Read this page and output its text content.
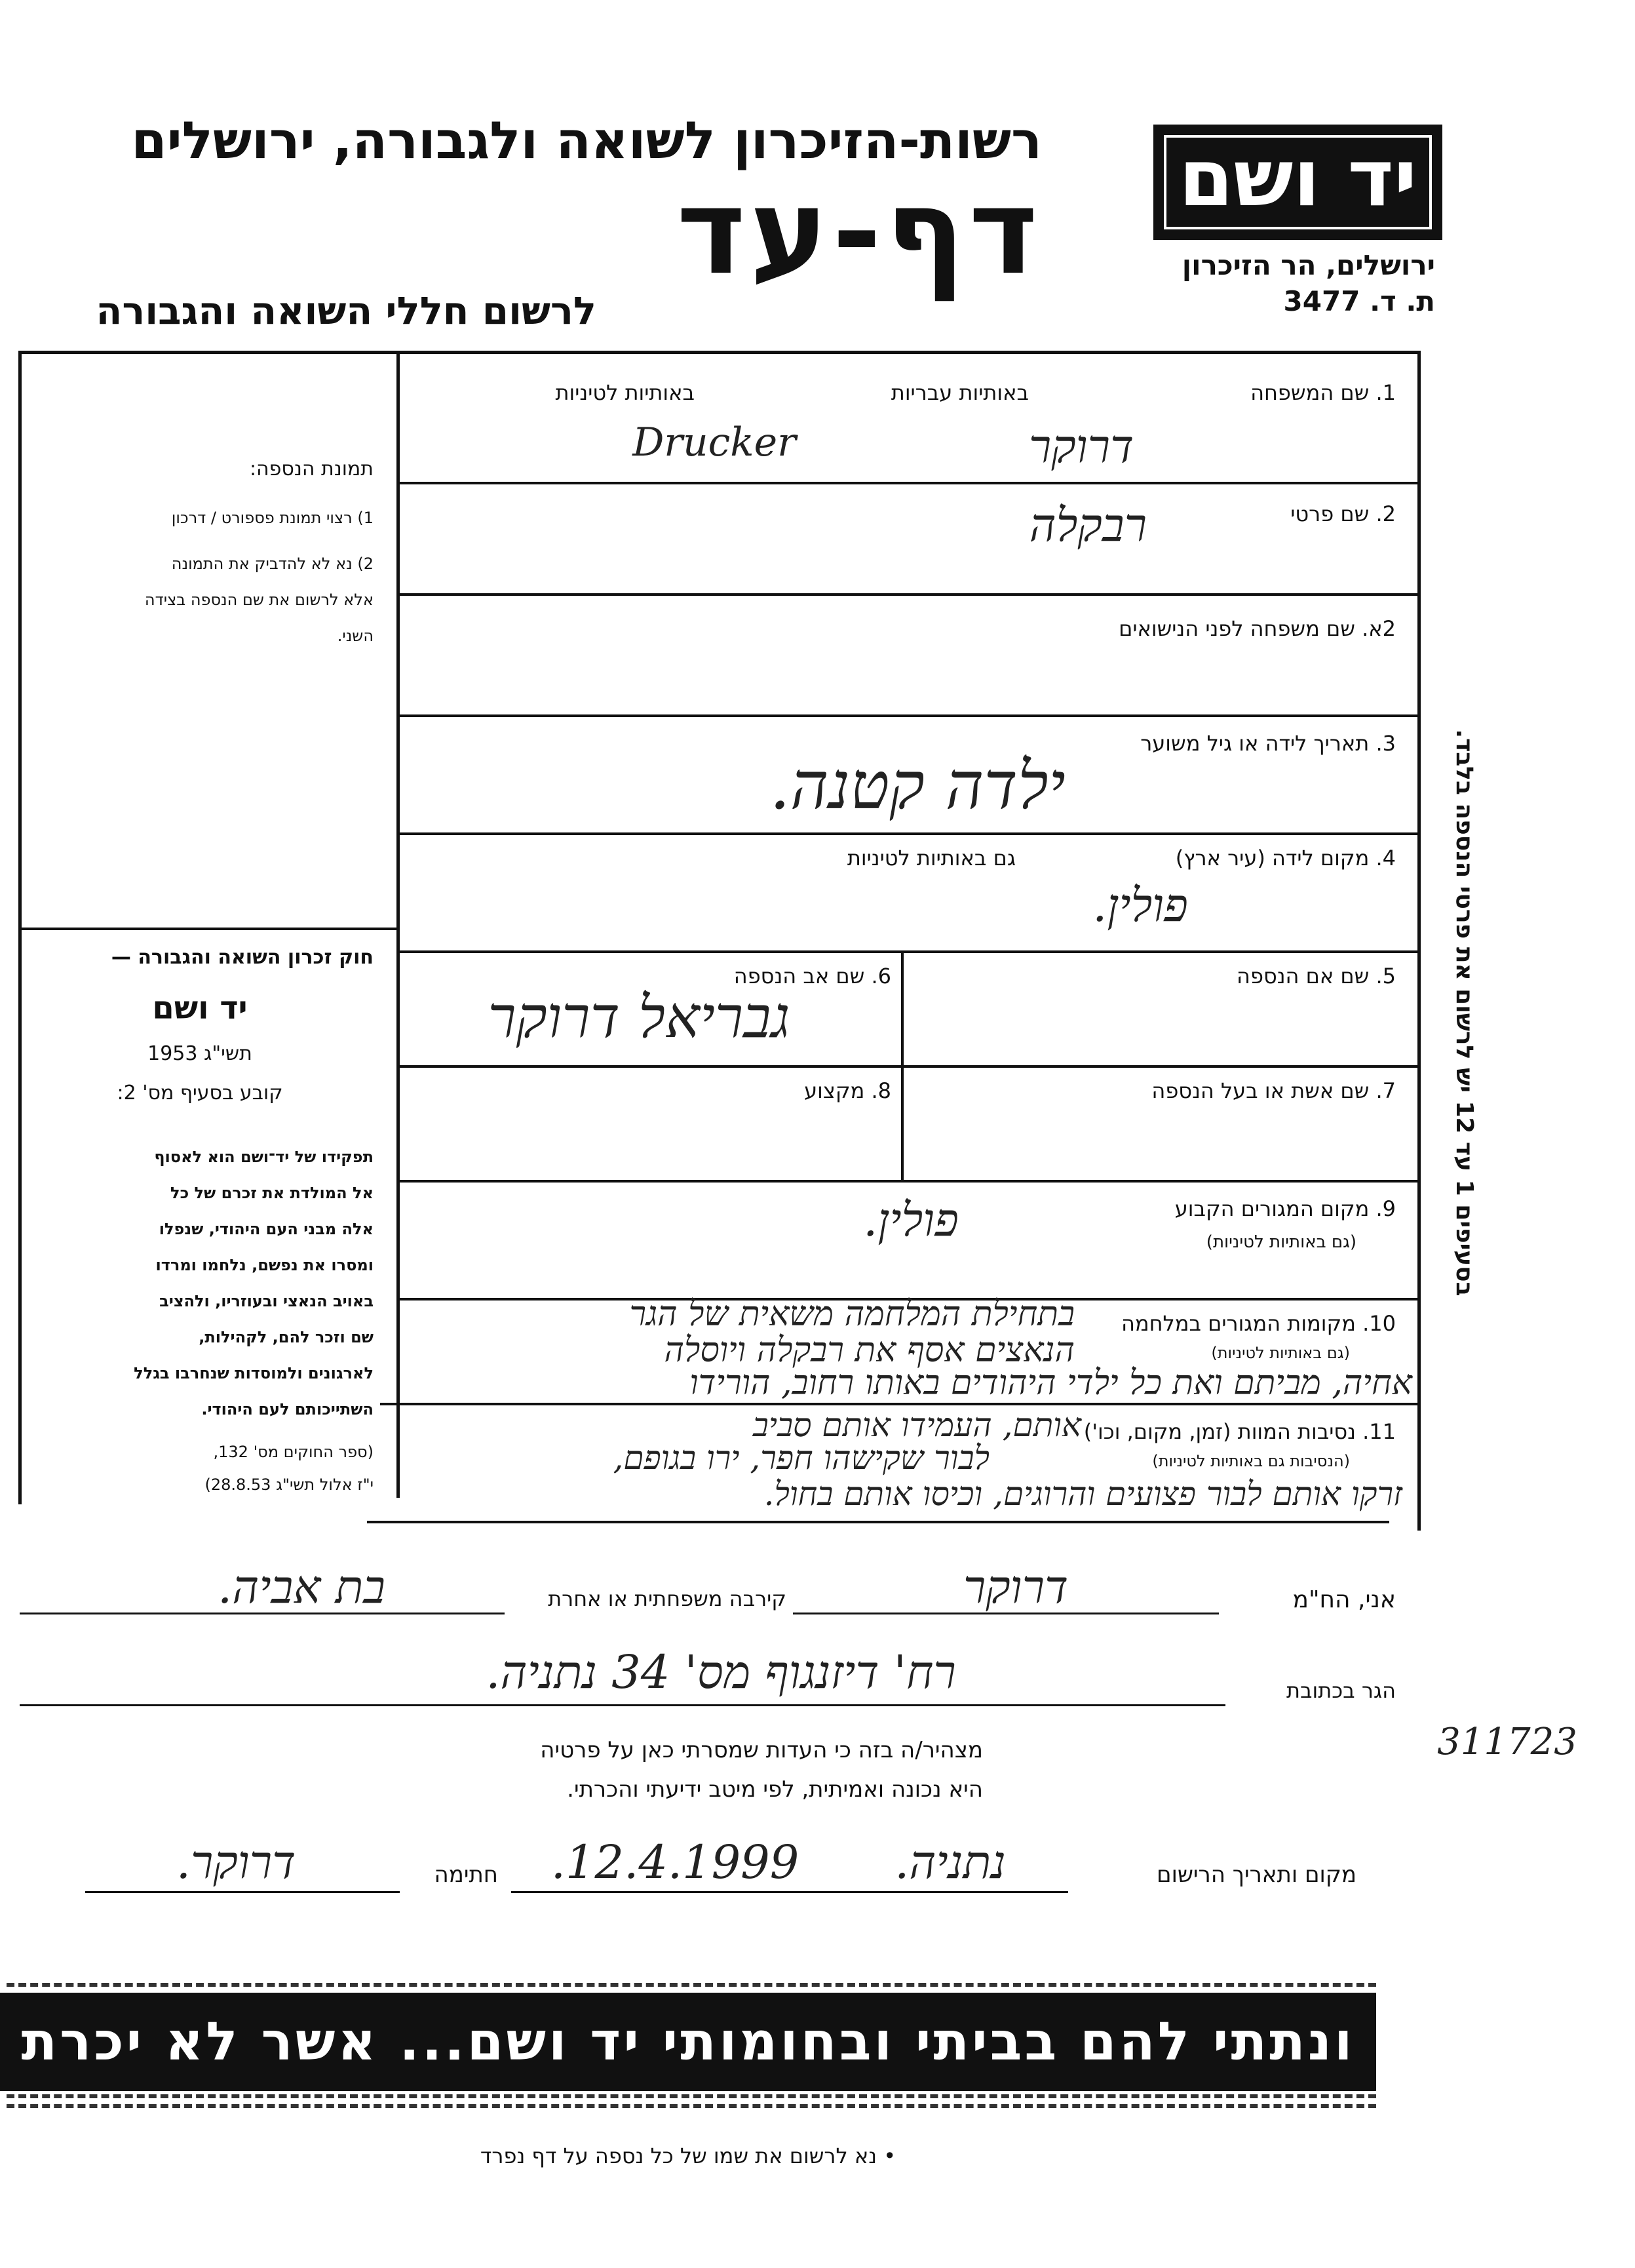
רשות-הזיכרון לשואה ולגבורה, ירושלים
דף-עד
לרשום חללי השואה והגבורה
יד ושם
ירושלים, הר הזיכרון
ת. ד. 3477
תמונת הנספה:
1) רצוי תמונת פספורט / דרכון
2) נא לא להדביק את התמונה
אלא לרשום את שם הנספה בצידה
השני.
חוק זכרון השואה והגבורה —
יד ושם
תשי"ג 1953
קובע בסעיף מס' 2:
תפקידו של יד־ושם הוא לאסוף
אל המולדת את זכרם של כל
אלה מבני העם היהודי, שנפלו
ומסרו את נפשם, נלחמו ומרדו
באויב הנאצי ובעוזריו, ולהציב
שם וזכר להם, לקהילות,
לארגונים ולמוסדות שנחרבו בגלל
השתייכותם לעם היהודי.
(ספר החוקים מס' 132,
י"ז אלול תשי"ג 28.8.53)
1. שם המשפחה
באותיות עבריות
באותיות לטיניות
דרוקר
Drucker
2. שם פרטי
רבקלה
2א. שם משפחה לפני הנישואים
3. תאריך לידה או גיל משוער
ילדה קטנה.
4. מקום לידה (עיר ארץ)
גם באותיות לטיניות
פולין.
5. שם אם הנספה
6. שם אב הנספה
גבריאל דרוקר
7. שם אשת או בעל הנספה
8. מקצוע
9. מקום המגורים הקבוע
(גם באותיות לטיניות)
פולין.
10. מקומות המגורים במלחמה
(גם באותיות לטיניות)
בתחילת המלחמה משאית של הגר
הנאצים אסף את רבקלה ויוסלה
אחיה, מביתם ואת כל ילדי היהודים באותו רחוב, הורידו
11. נסיבות המוות (זמן, מקום, וכו')
(הנסיבות גם באותיות לטיניות)
אותם, העמידו אותם סביב
לבור שקישהו חפר, ירו בגופם,
זרקו אותם לבור פצועים והרוגים, וכיסו אותם בחול.
בסעיפים 1 עד 12 יש לרשום את פרטי הנספה בלבד.
אני, הח"מ
דרוקר
קירבה משפחתית או אחרת
בת אביה.
הגר בכתובת
רח' דיזנגוף מס' 34 נתניה.
מצהיר/ה בזה כי העדות שמסרתי כאן על פרטיה
היא נכונה ואמיתית, לפי מיטב ידיעתי והכרתי.
מקום ותאריך הרישום
נתניה.
12.4.1999.
חתימה
דרוקר.
311723
ונתתי להם בביתי ובחומותי יד ושם... אשר לא יכרת
• נא לרשום את שמו של כל נספה על דף נפרד
